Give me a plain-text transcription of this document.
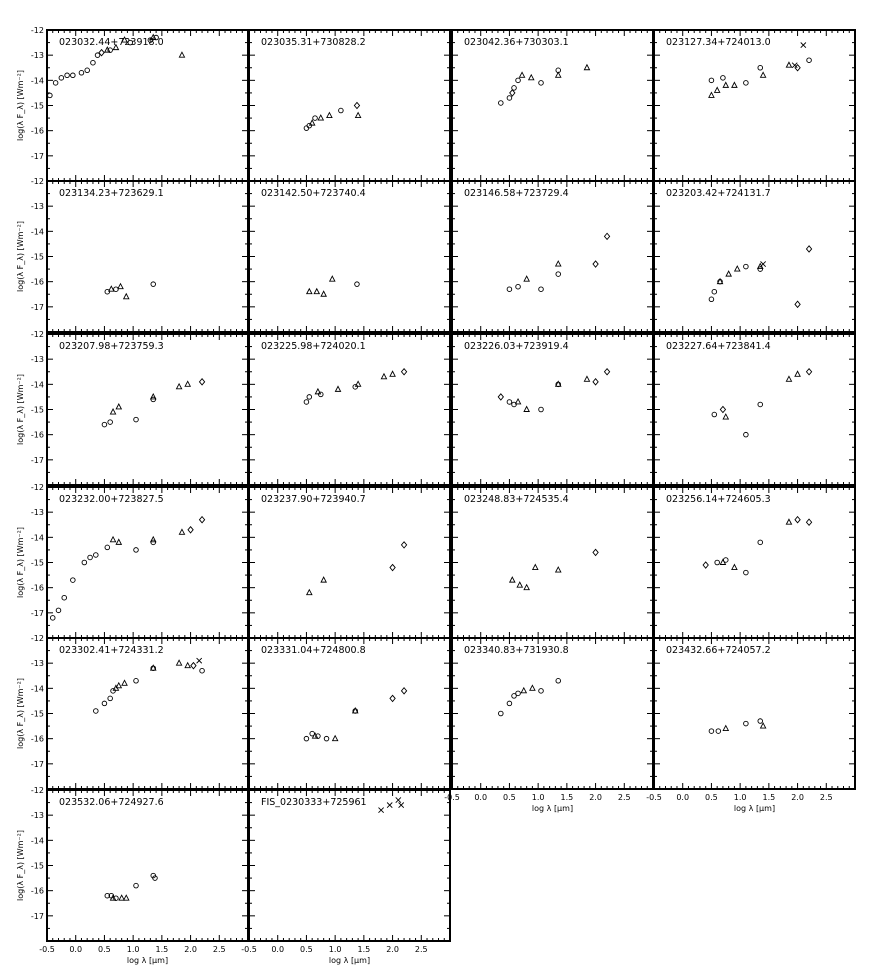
-12
-13
-14
-15
-16
-17
023032.44+723918.0	023035.31+730828.2	023042.36+730303.1	023127.34+724013.0
-12
-13
-14
-15
-16
-17
023134.23+723629.1	023142.50+723740.4	023146.58+723729.4	023203.42+724131.7
-12
-13
-14
-15
-16
-17
023207.98+723759.3	023225.98+724020.1	023226.03+723919.4	023227.64+723841.4
-12
-13
-14
-15
-16
-17
023232.00+723827.5	023237.90+723940.7	023248.83+724535.4	023256.14+724605.3
-12
-13
-14
-15
-16
-17
023302.41+724331.2	023331.04+724800.8
-0.5 0.0 0.5 1.0 1.5 2.0 2.5
023340.83+731930.8
-0.5 0.0 0.5 1.0 1.5 2.0 2.5
023432.66+724057.2
-12
-13
-14
-15
-16
-17
-0.5 0.0 0.5 1.0 1.5 2.0 2.5
023532.06+724927.6
-0.5 0.0 0.5 1.0 1.5 2.0 2.5
FIS_0230333+725961
log(λ F_λ) [Wm⁻²]
log(λ F_λ) [Wm⁻²]
log(λ F_λ) [Wm⁻²]
log(λ F_λ) [Wm⁻²]
log(λ F_λ) [Wm⁻²]
log(λ F_λ) [Wm⁻²]
log λ [μm]	log λ [μm]
log λ [μm]	log λ [μm]
